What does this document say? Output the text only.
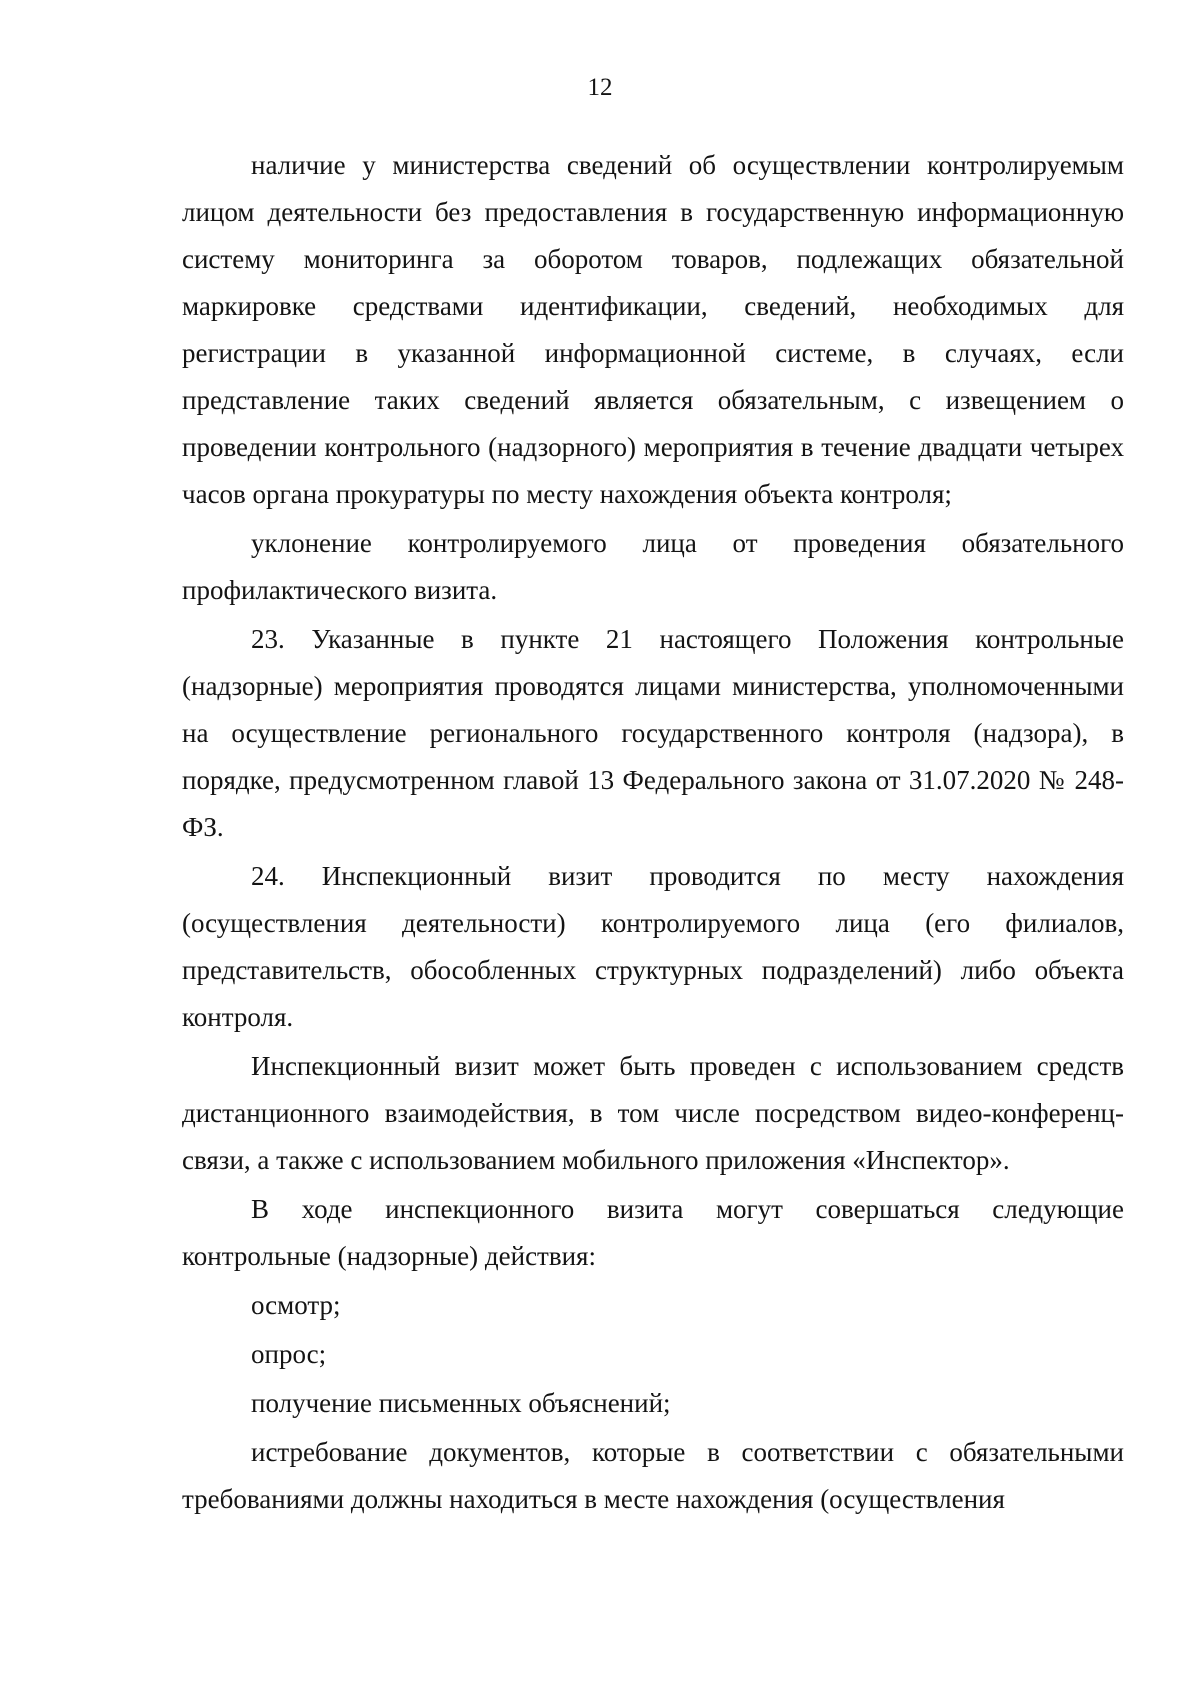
12

наличие у министерства сведений об осуществлении контролируемым лицом деятельности без предоставления в государственную информационную систему мониторинга за оборотом товаров, подлежащих обязательной маркировке средствами идентификации, сведений, необходимых для регистрации в указанной информационной системе, в случаях, если представление таких сведений является обязательным, с извещением о проведении контрольного (надзорного) мероприятия в течение двадцати четырех часов органа прокуратуры по месту нахождения объекта контроля;

уклонение контролируемого лица от проведения обязательного профилактического визита.

23. Указанные в пункте 21 настоящего Положения контрольные (надзорные) мероприятия проводятся лицами министерства, уполномоченными на осуществление регионального государственного контроля (надзора), в порядке, предусмотренном главой 13 Федерального закона от 31.07.2020 № 248-ФЗ.

24. Инспекционный визит проводится по месту нахождения (осуществления деятельности) контролируемого лица (его филиалов, представительств, обособленных структурных подразделений) либо объекта контроля.

Инспекционный визит может быть проведен с использованием средств дистанционного взаимодействия, в том числе посредством видео-конференц-связи, а также с использованием мобильного приложения «Инспектор».

В ходе инспекционного визита могут совершаться следующие контрольные (надзорные) действия:

осмотр;

опрос;

получение письменных объяснений;

истребование документов, которые в соответствии с обязательными требованиями должны находиться в месте нахождения (осуществления
